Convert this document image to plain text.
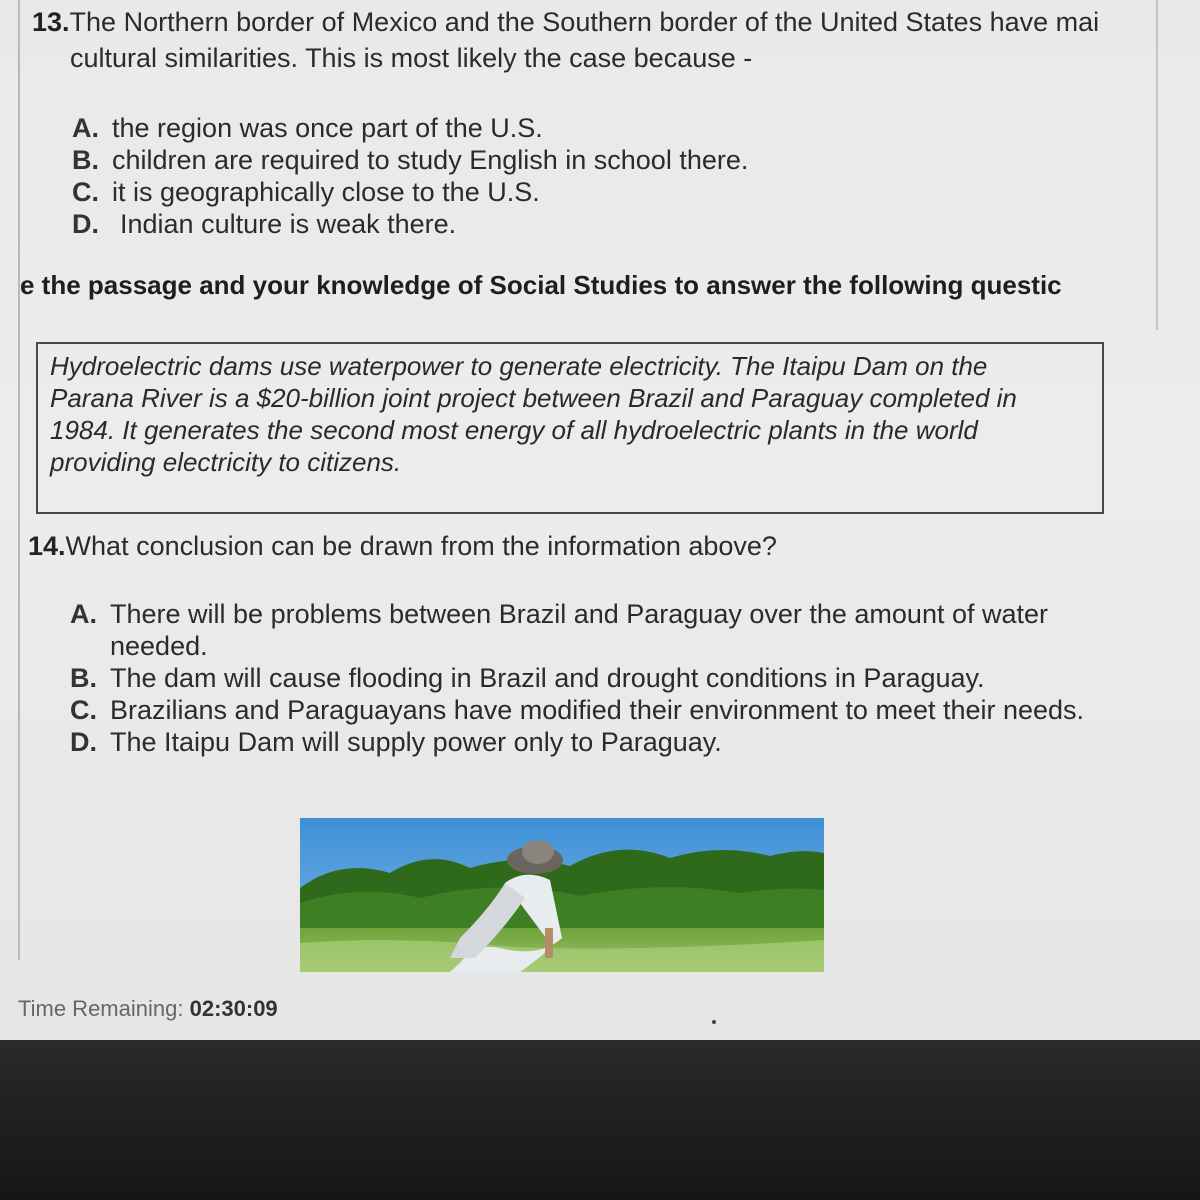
13.The Northern border of Mexico and the Southern border of the United States have mai
cultural similarities. This is most likely the case because -
A. the region was once part of the U.S.
B. children are required to study English in school there.
C. it is geographically close to the U.S.
D. Indian culture is weak there.
e the passage and your knowledge of Social Studies to answer the following questic
Hydroelectric dams use waterpower to generate electricity. The Itaipu Dam on the
Parana River is a $20-billion joint project between Brazil and Paraguay completed in
1984. It generates the second most energy of all hydroelectric plants in the world
providing electricity to citizens.
14.What conclusion can be drawn from the information above?
A. There will be problems between Brazil and Paraguay over the amount of water
needed.
B. The dam will cause flooding in Brazil and drought conditions in Paraguay.
C. Brazilians and Paraguayans have modified their environment to meet their needs.
D. The Itaipu Dam will supply power only to Paraguay.
Time Remaining: 02:30:09
